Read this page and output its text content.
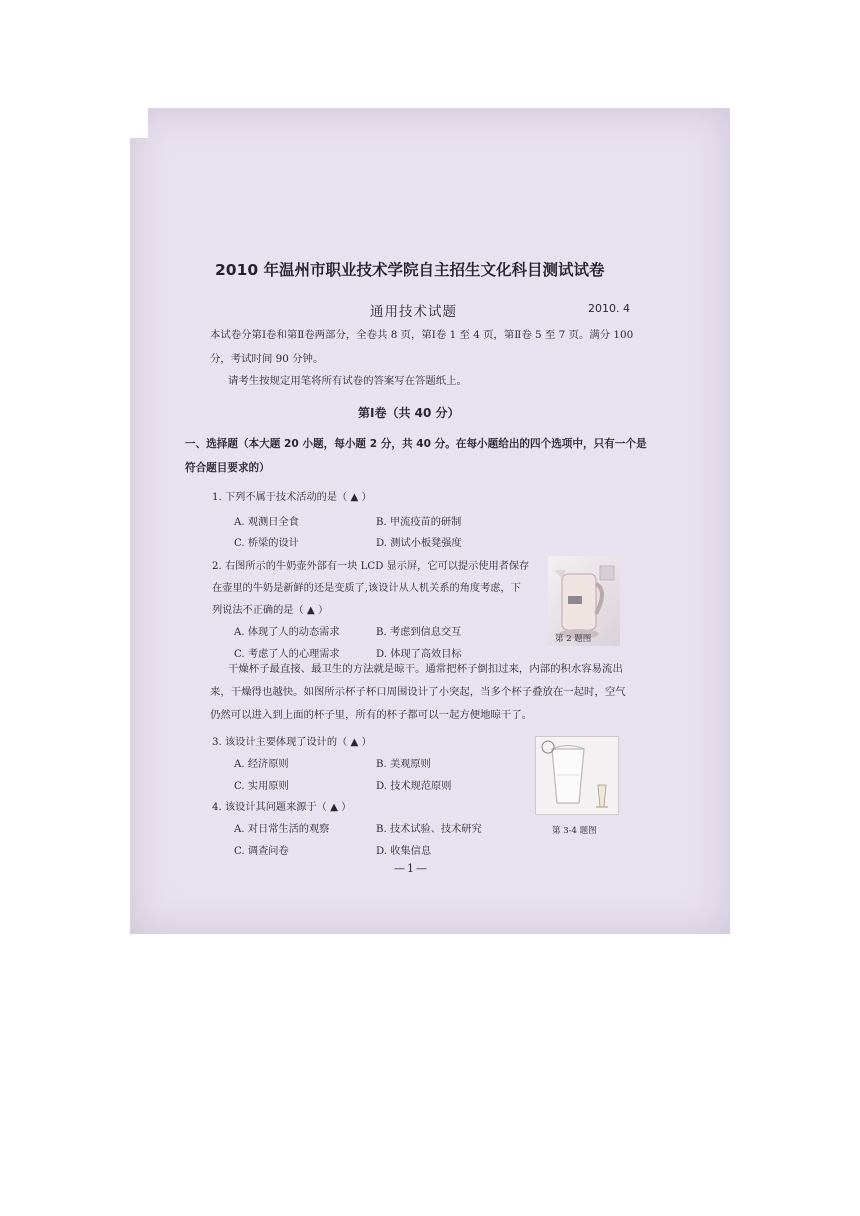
2010 年温州市职业技术学院自主招生文化科目测试试卷
通用技术试题	2010. 4
本试卷分第Ⅰ卷和第Ⅱ卷两部分，全卷共 8 页，第Ⅰ卷 1 至 4 页，第Ⅱ卷 5 至 7 页。满分 100
分，考试时间 90 分钟。
请考生按规定用笔将所有试卷的答案写在答题纸上。
第Ⅰ卷（共 40 分）
一、选择题（本大题 20 小题，每小题 2 分，共 40 分。在每小题给出的四个选项中，只有一个是
符合题目要求的）
1. 下列不属于技术活动的是（ ▲ ）
A. 观测日全食	B. 甲流疫苗的研制
C. 桥梁的设计	D. 测试小板凳强度
2. 右图所示的牛奶壶外部有一块 LCD 显示屏，它可以提示使用者保存
在壶里的牛奶是新鲜的还是变质了,该设计从人机关系的角度考虑，下
列说法不正确的是（ ▲ ）
A. 体现了人的动态需求	B. 考虑到信息交互
C. 考虑了人的心理需求	D. 体现了高效目标
第 2 题图
干燥杯子最直接、最卫生的方法就是晾干。通常把杯子倒扣过来，内部的积水容易流出
来，干燥得也越快。如图所示杯子杯口周围设计了小突起，当多个杯子叠放在一起时，空气
仍然可以进入到上面的杯子里，所有的杯子都可以一起方便地晾干了。
3. 该设计主要体现了设计的（ ▲ ）
A. 经济原则	B. 美观原则
C. 实用原则	D. 技术规范原则
4. 该设计其问题来源于（ ▲ ）
A. 对日常生活的观察	B. 技术试验、技术研究	第 3-4 题图
C. 调查问卷	D. 收集信息
—1—
